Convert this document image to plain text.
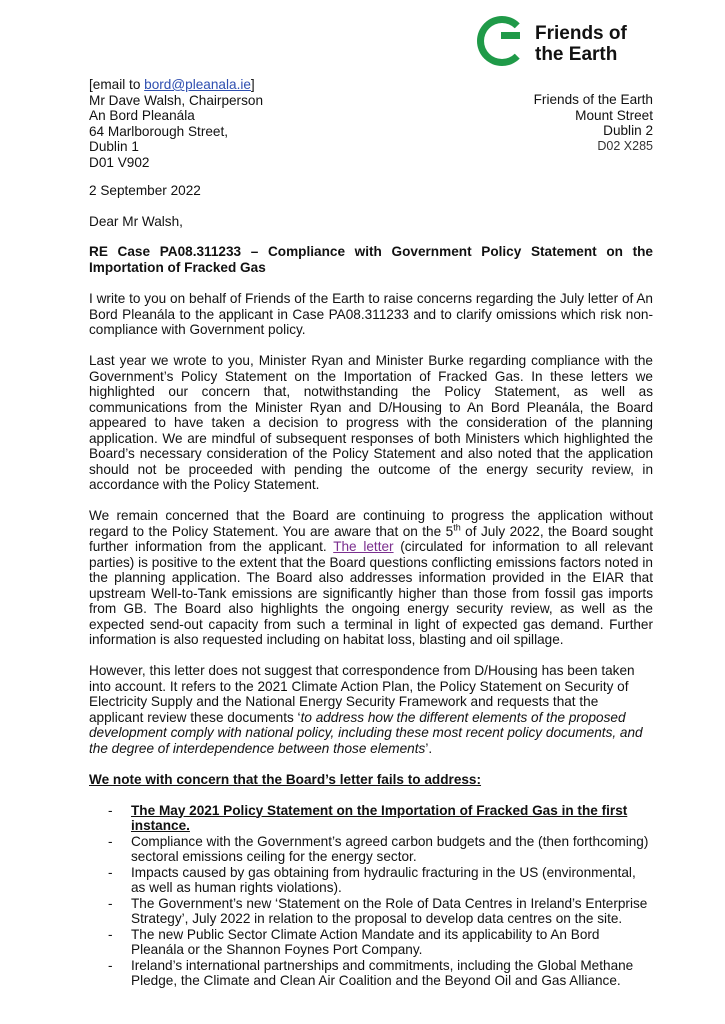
Friends of
the Earth
[email to bord@pleanala.ie]
Mr Dave Walsh, Chairperson
An Bord Pleanála
64 Marlborough Street,
Dublin 1
D01 V902
Friends of the Earth
Mount Street
Dublin 2
D02 X285
2 September 2022
Dear Mr Walsh,
RE Case PA08.311233 – Compliance with Government Policy Statement on the Importation of Fracked Gas

I write to you on behalf of Friends of the Earth to raise concerns regarding the July letter of An Bord Pleanála to the applicant in Case PA08.311233 and to clarify omissions which risk non-compliance with Government policy.

Last year we wrote to you, Minister Ryan and Minister Burke regarding compliance with the Government’s Policy Statement on the Importation of Fracked Gas. In these letters we highlighted our concern that, notwithstanding the Policy Statement, as well as communications from the Minister Ryan and D/Housing to An Bord Pleanála, the Board appeared to have taken a decision to progress with the consideration of the planning application. We are mindful of subsequent responses of both Ministers which highlighted the Board’s necessary consideration of the Policy Statement and also noted that the application should not be proceeded with pending the outcome of the energy security review, in accordance with the Policy Statement.

We remain concerned that the Board are continuing to progress the application without regard to the Policy Statement. You are aware that on the 5th of July 2022, the Board sought further information from the applicant. The letter (circulated for information to all relevant parties) is positive to the extent that the Board questions conflicting emissions factors noted in the planning application. The Board also addresses information provided in the EIAR that upstream Well-to-Tank emissions are significantly higher than those from fossil gas imports from GB. The Board also highlights the ongoing energy security review, as well as the expected send-out capacity from such a terminal in light of expected gas demand. Further information is also requested including on habitat loss, blasting and oil spillage.

However, this letter does not suggest that correspondence from D/Housing has been taken into account. It refers to the 2021 Climate Action Plan, the Policy Statement on Security of Electricity Supply and the National Energy Security Framework and requests that the applicant review these documents ‘to address how the different elements of the proposed development comply with national policy, including these most recent policy documents, and the degree of interdependence between those elements’.

We note with concern that the Board’s letter fails to address:

- The May 2021 Policy Statement on the Importation of Fracked Gas in the first instance.
- Compliance with the Government’s agreed carbon budgets and the (then forthcoming) sectoral emissions ceiling for the energy sector.
- Impacts caused by gas obtaining from hydraulic fracturing in the US (environmental, as well as human rights violations).
- The Government’s new ‘Statement on the Role of Data Centres in Ireland’s Enterprise Strategy’, July 2022 in relation to the proposal to develop data centres on the site.
- The new Public Sector Climate Action Mandate and its applicability to An Bord Pleanála or the Shannon Foynes Port Company.
- Ireland’s international partnerships and commitments, including the Global Methane Pledge, the Climate and Clean Air Coalition and the Beyond Oil and Gas Alliance.
